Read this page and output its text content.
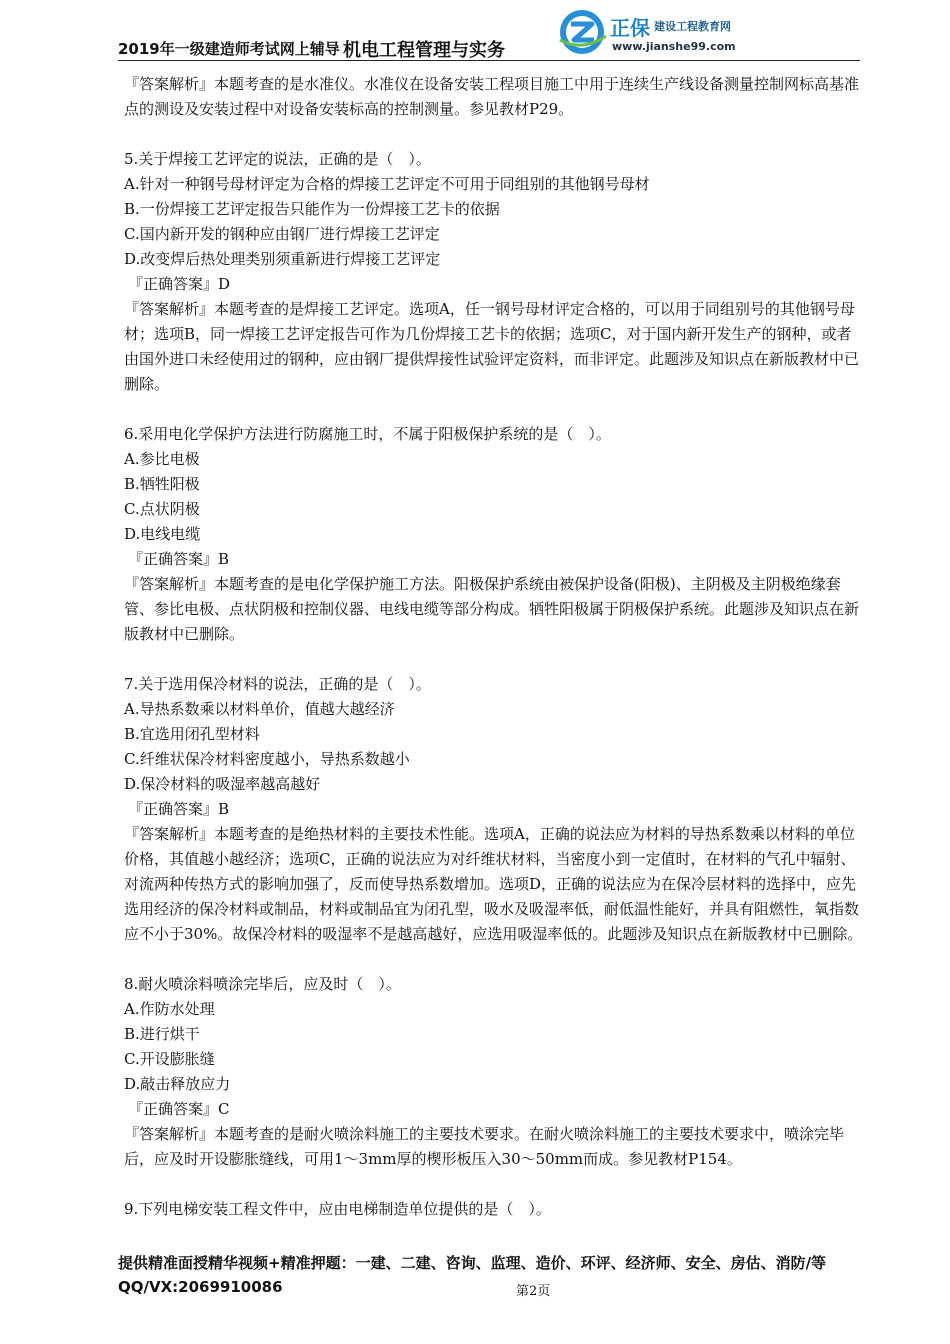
2019年一级建造师考试网上辅导 机电工程管理与实务
正保 建设工程教育网
www.jianshe99.com

『答案解析』本题考查的是水准仪。水准仪在设备安装工程项目施工中用于连续生产线设备测量控制网标高基准点的测设及安装过程中对设备安装标高的控制测量。参见教材P29。

5.关于焊接工艺评定的说法，正确的是（　）。

A.针对一种钢号母材评定为合格的焊接工艺评定不可用于同组别的其他钢号母材

B.一份焊接工艺评定报告只能作为一份焊接工艺卡的依据

C.国内新开发的钢种应由钢厂进行焊接工艺评定

D.改变焊后热处理类别须重新进行焊接工艺评定

『正确答案』D

『答案解析』本题考查的是焊接工艺评定。选项A，任一钢号母材评定合格的，可以用于同组别号的其他钢号母材；选项B，同一焊接工艺评定报告可作为几份焊接工艺卡的依据；选项C，对于国内新开发生产的钢种，或者由国外进口未经使用过的钢种，应由钢厂提供焊接性试验评定资料，而非评定。此题涉及知识点在新版教材中已删除。

6.采用电化学保护方法进行防腐施工时，不属于阳极保护系统的是（　）。

A.参比电极

B.牺牲阳极

C.点状阴极

D.电线电缆

『正确答案』B

『答案解析』本题考查的是电化学保护施工方法。阳极保护系统由被保护设备(阳极)、主阴极及主阴极绝缘套管、参比电极、点状阴极和控制仪器、电线电缆等部分构成。牺牲阳极属于阴极保护系统。此题涉及知识点在新版教材中已删除。

7.关于选用保冷材料的说法，正确的是（　）。

A.导热系数乘以材料单价，值越大越经济

B.宜选用闭孔型材料

C.纤维状保冷材料密度越小，导热系数越小

D.保冷材料的吸湿率越高越好

『正确答案』B

『答案解析』本题考查的是绝热材料的主要技术性能。选项A，正确的说法应为材料的导热系数乘以材料的单位价格，其值越小越经济；选项C，正确的说法应为对纤维状材料，当密度小到一定值时，在材料的气孔中辐射、对流两种传热方式的影响加强了，反而使导热系数增加。选项D，正确的说法应为在保冷层材料的选择中，应先选用经济的保冷材料或制品，材料或制品宜为闭孔型，吸水及吸湿率低，耐低温性能好，并具有阻燃性，氧指数应不小于30%。故保冷材料的吸湿率不是越高越好，应选用吸湿率低的。此题涉及知识点在新版教材中已删除。

8.耐火喷涂料喷涂完毕后，应及时（　）。

A.作防水处理

B.进行烘干

C.开设膨胀缝

D.敲击释放应力

『正确答案』C

『答案解析』本题考查的是耐火喷涂料施工的主要技术要求。在耐火喷涂料施工的主要技术要求中，喷涂完毕后，应及时开设膨胀缝线，可用1～3mm厚的楔形板压入30～50mm而成。参见教材P154。

9.下列电梯安装工程文件中，应由电梯制造单位提供的是（　）。

提供精准面授精华视频+精准押题：一建、二建、咨询、监理、造价、环评、经济师、安全、房估、消防/等
QQ/VX:2069910086	第2页
